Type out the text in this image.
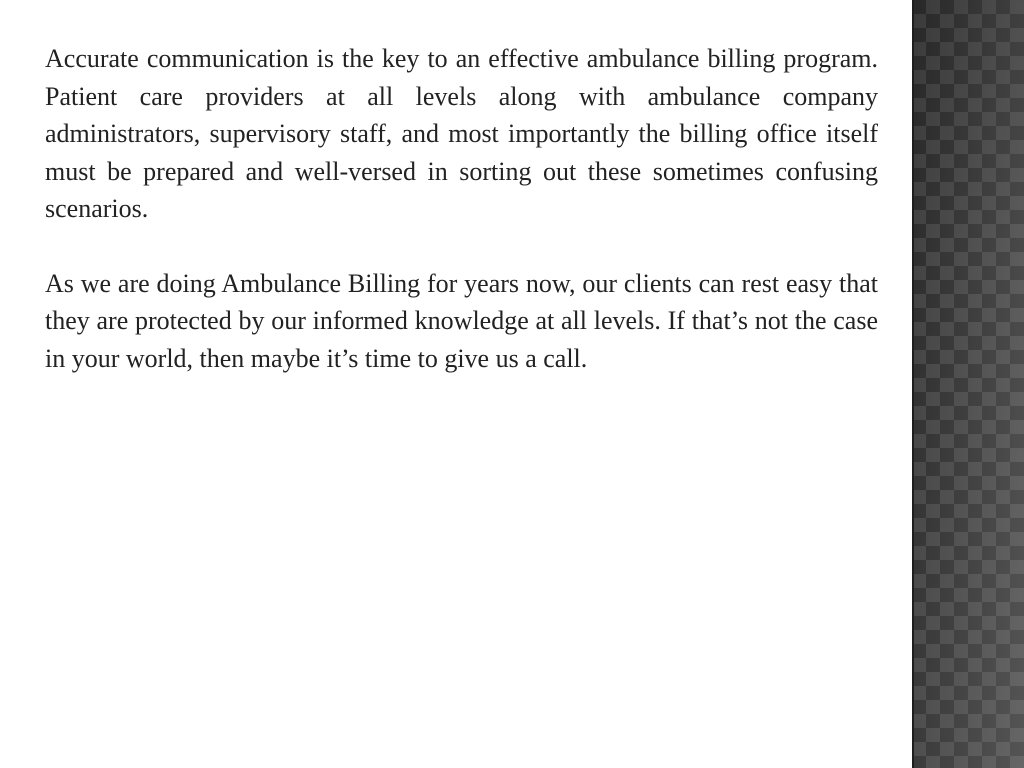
Accurate communication is the key to an effective ambulance billing program. Patient care providers at all levels along with ambulance company administrators, supervisory staff, and most importantly the billing office itself must be prepared and well-versed in sorting out these sometimes confusing scenarios.

As we are doing Ambulance Billing for years now, our clients can rest easy that they are protected by our informed knowledge at all levels. If that’s not the case in your world, then maybe it’s time to give us a call.
